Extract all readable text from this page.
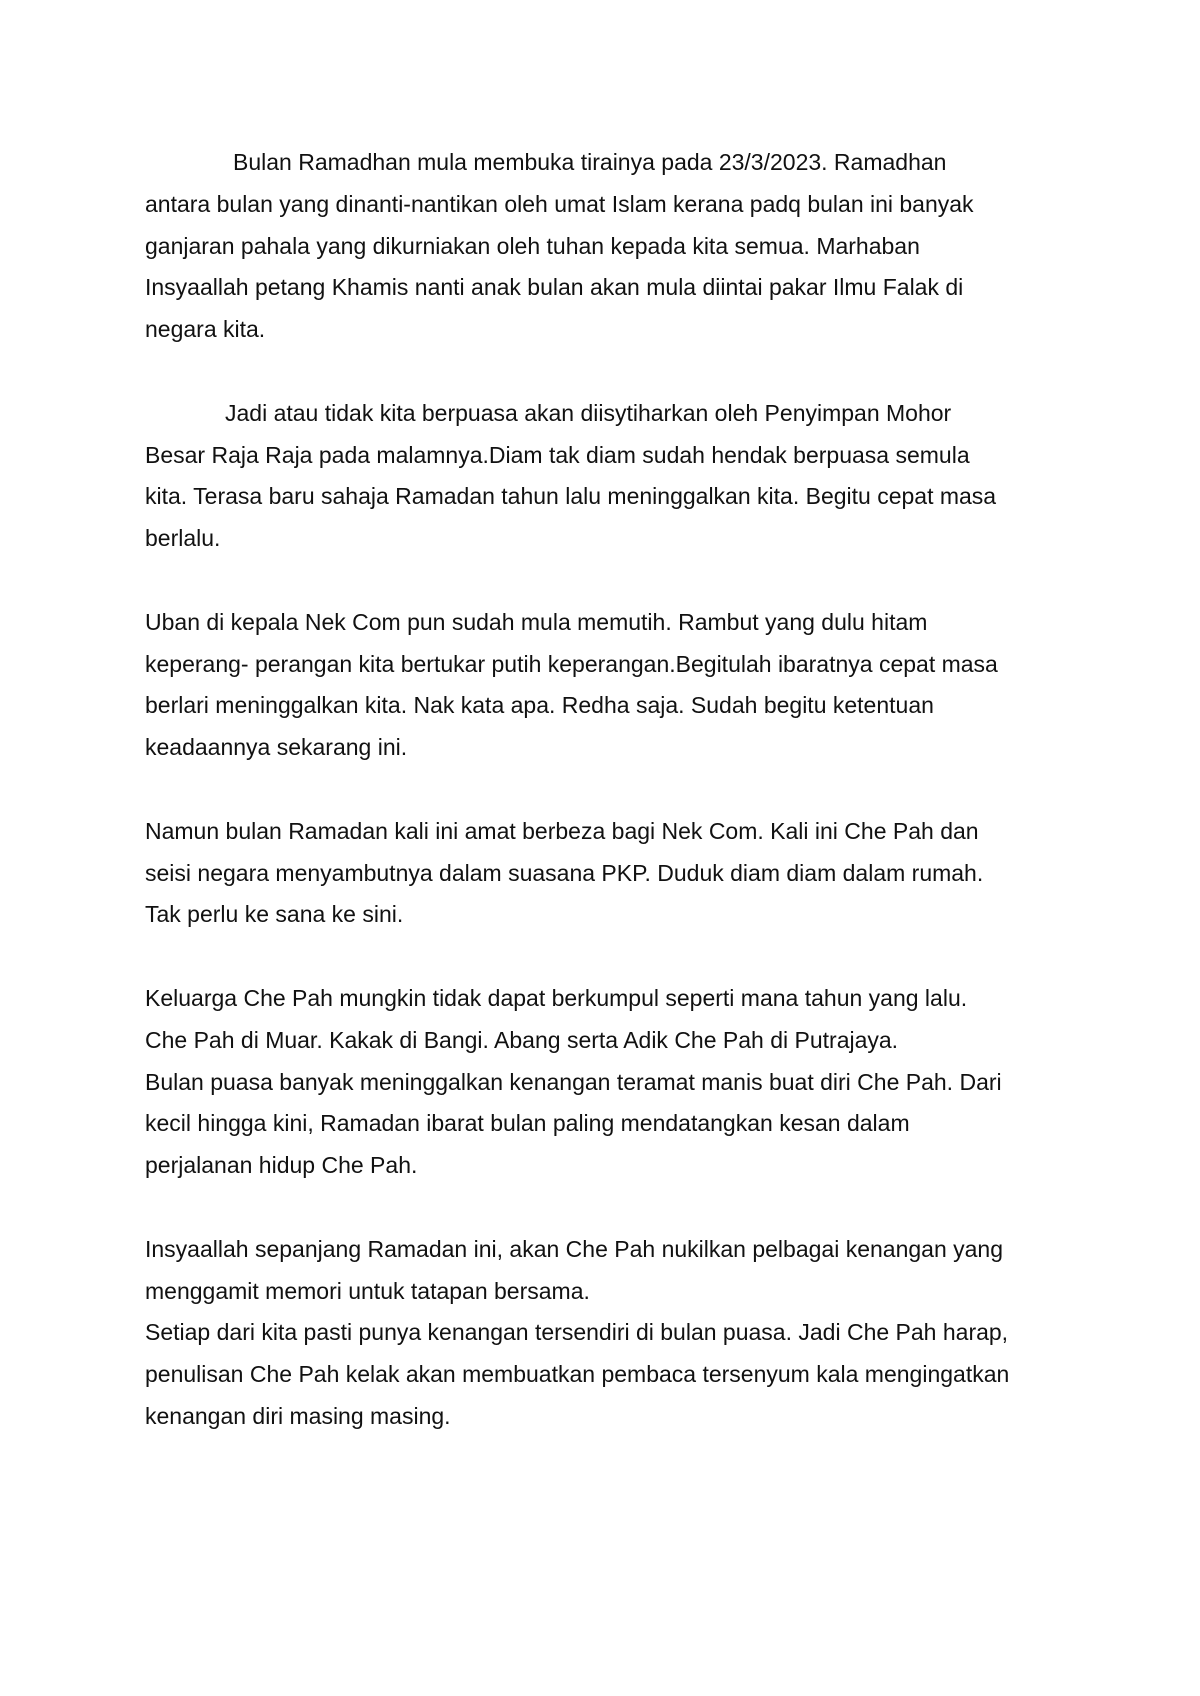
Bulan Ramadhan mula membuka tirainya pada 23/3/2023. Ramadhan
antara bulan yang dinanti-nantikan oleh umat Islam kerana padq bulan ini banyak
ganjaran pahala yang dikurniakan oleh tuhan kepada kita semua. Marhaban
Insyaallah petang Khamis nanti anak bulan akan mula diintai pakar Ilmu Falak di
negara kita.
Jadi atau tidak kita berpuasa akan diisytiharkan oleh Penyimpan Mohor
Besar Raja Raja pada malamnya.Diam tak diam sudah hendak berpuasa semula
kita. Terasa baru sahaja Ramadan tahun lalu meninggalkan kita. Begitu cepat masa
berlalu.
Uban di kepala Nek Com pun sudah mula memutih. Rambut yang dulu hitam
keperang- perangan kita bertukar putih keperangan.Begitulah ibaratnya cepat masa
berlari meninggalkan kita. Nak kata apa. Redha saja. Sudah begitu ketentuan
keadaannya sekarang ini.
Namun bulan Ramadan kali ini amat berbeza bagi Nek Com. Kali ini Che Pah dan
seisi negara menyambutnya dalam suasana PKP. Duduk diam diam dalam rumah.
Tak perlu ke sana ke sini.
Keluarga Che Pah mungkin tidak dapat berkumpul seperti mana tahun yang lalu.
Che Pah di Muar. Kakak di Bangi. Abang serta Adik Che Pah di Putrajaya.
Bulan puasa banyak meninggalkan kenangan teramat manis buat diri Che Pah. Dari
kecil hingga kini, Ramadan ibarat bulan paling mendatangkan kesan dalam
perjalanan hidup Che Pah.
Insyaallah sepanjang Ramadan ini, akan Che Pah nukilkan pelbagai kenangan yang
menggamit memori untuk tatapan bersama.
Setiap dari kita pasti punya kenangan tersendiri di bulan puasa. Jadi Che Pah harap,
penulisan Che Pah kelak akan membuatkan pembaca tersenyum kala mengingatkan
kenangan diri masing masing.
